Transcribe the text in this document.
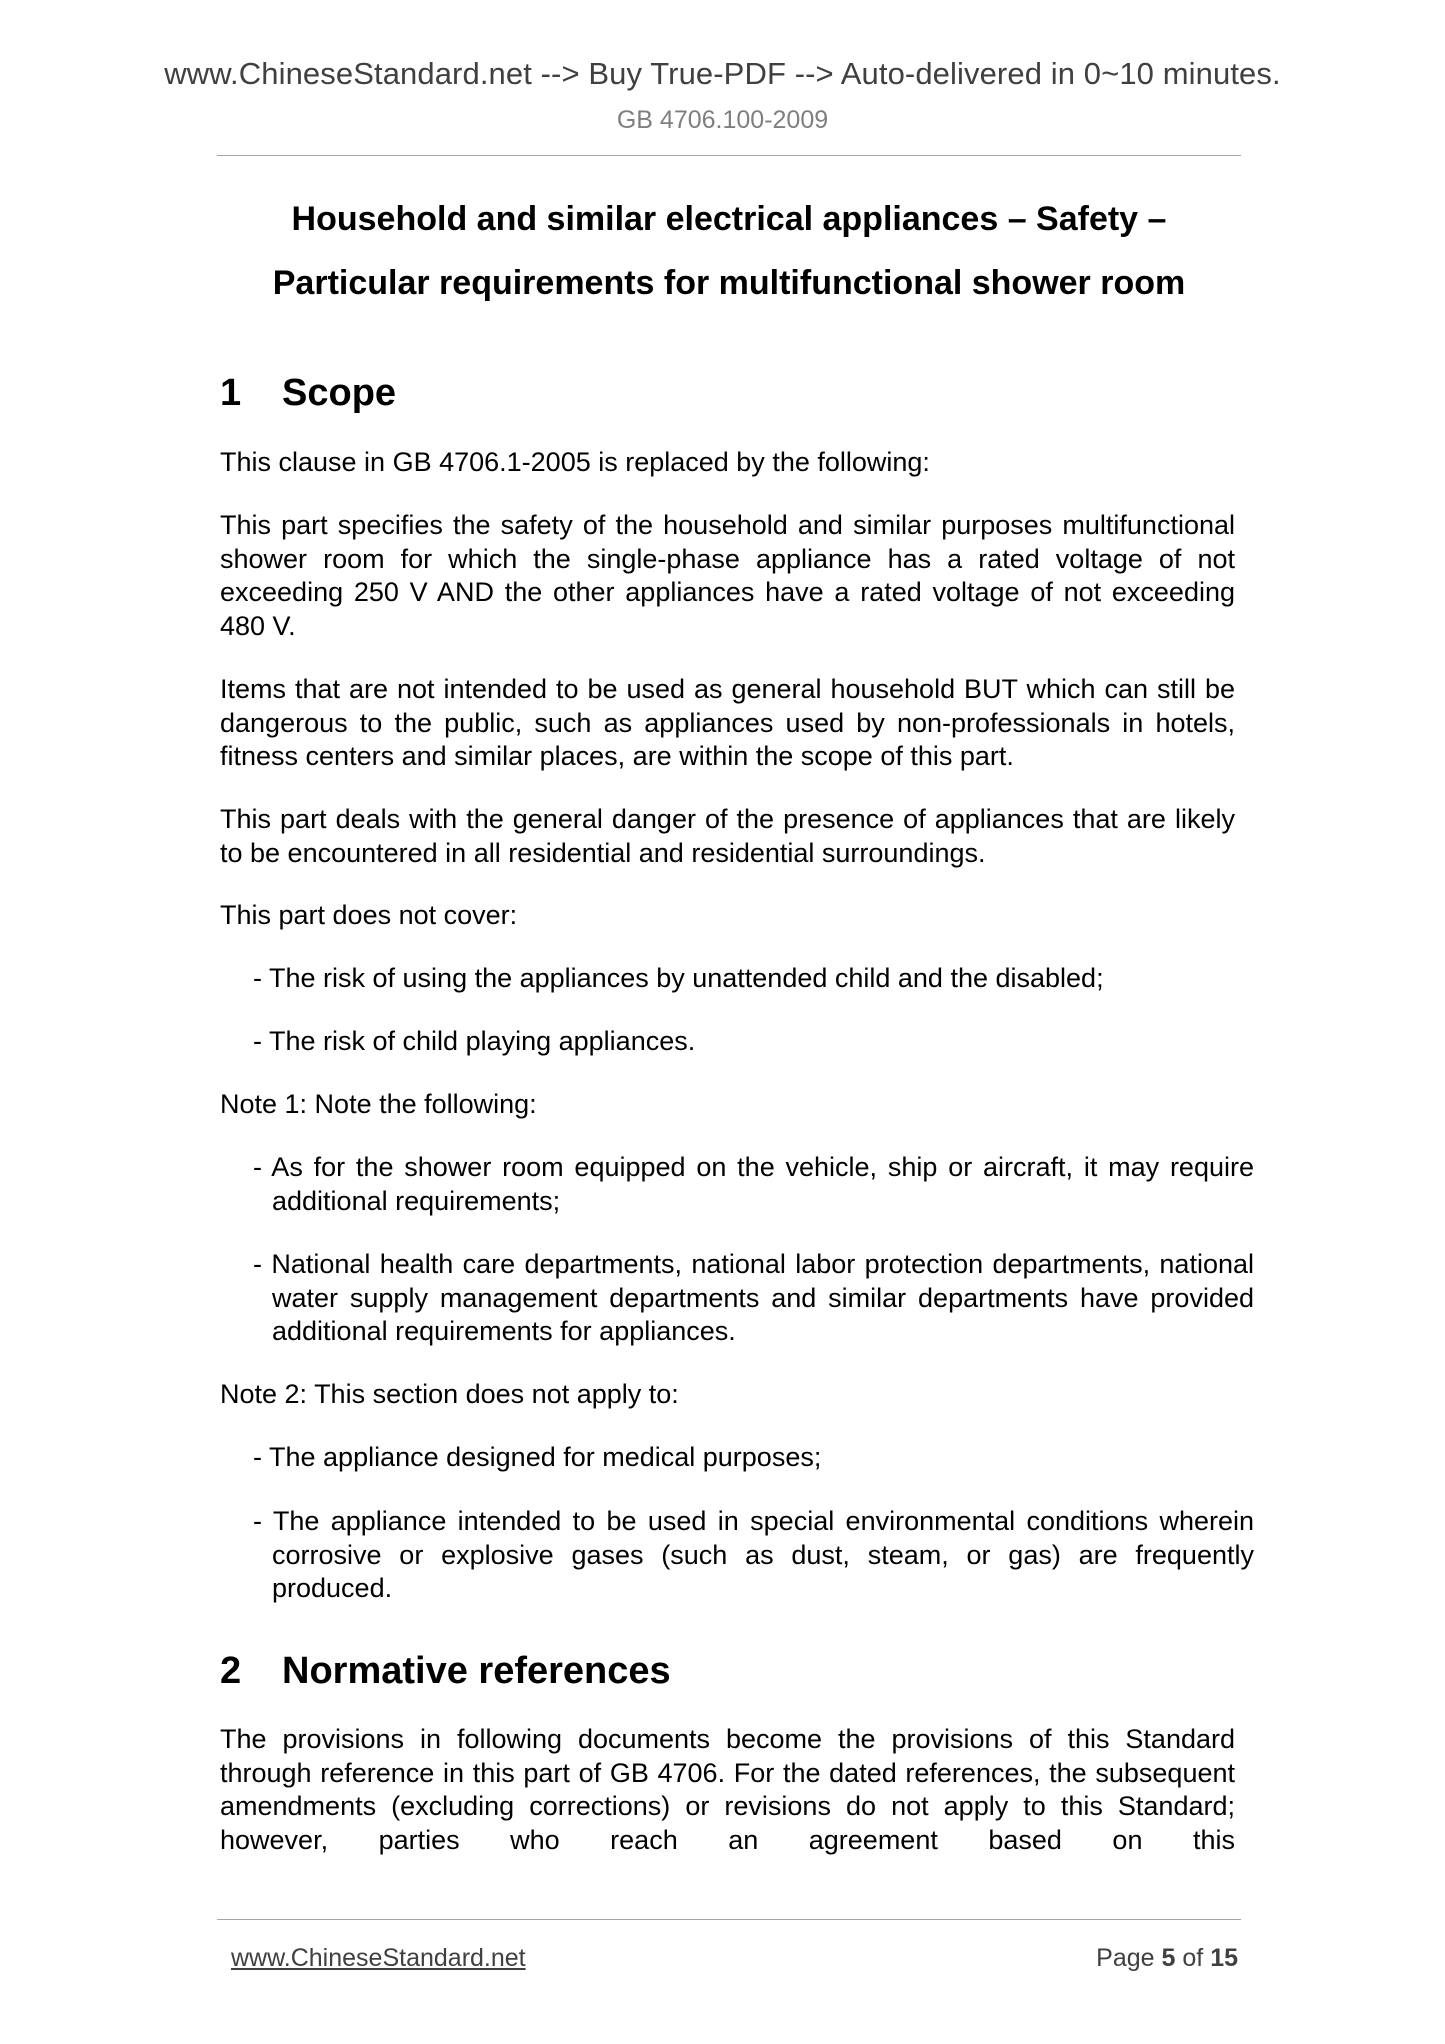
www.ChineseStandard.net --> Buy True-PDF --> Auto-delivered in 0~10 minutes.
GB 4706.100-2009
Household and similar electrical appliances – Safety –
Particular requirements for multifunctional shower room
1	Scope
This clause in GB 4706.1-2005 is replaced by the following:
This part specifies the safety of the household and similar purposes multifunctional shower room for which the single-phase appliance has a rated voltage of not exceeding 250 V AND the other appliances have a rated voltage of not exceeding 480 V.
Items that are not intended to be used as general household BUT which can still be dangerous to the public, such as appliances used by non-professionals in hotels, fitness centers and similar places, are within the scope of this part.
This part deals with the general danger of the presence of appliances that are likely to be encountered in all residential and residential surroundings.
This part does not cover:
- The risk of using the appliances by unattended child and the disabled;
- The risk of child playing appliances.
Note 1: Note the following:
- As for the shower room equipped on the vehicle, ship or aircraft, it may require additional requirements;
- National health care departments, national labor protection departments, national water supply management departments and similar departments have provided additional requirements for appliances.
Note 2: This section does not apply to:
- The appliance designed for medical purposes;
- The appliance intended to be used in special environmental conditions wherein corrosive or explosive gases (such as dust, steam, or gas) are frequently produced.
2	Normative references
The provisions in following documents become the provisions of this Standard through reference in this part of GB 4706. For the dated references, the subsequent amendments (excluding corrections) or revisions do not apply to this Standard; however, parties who reach an agreement based on this
www.ChineseStandard.net	Page 5 of 15
